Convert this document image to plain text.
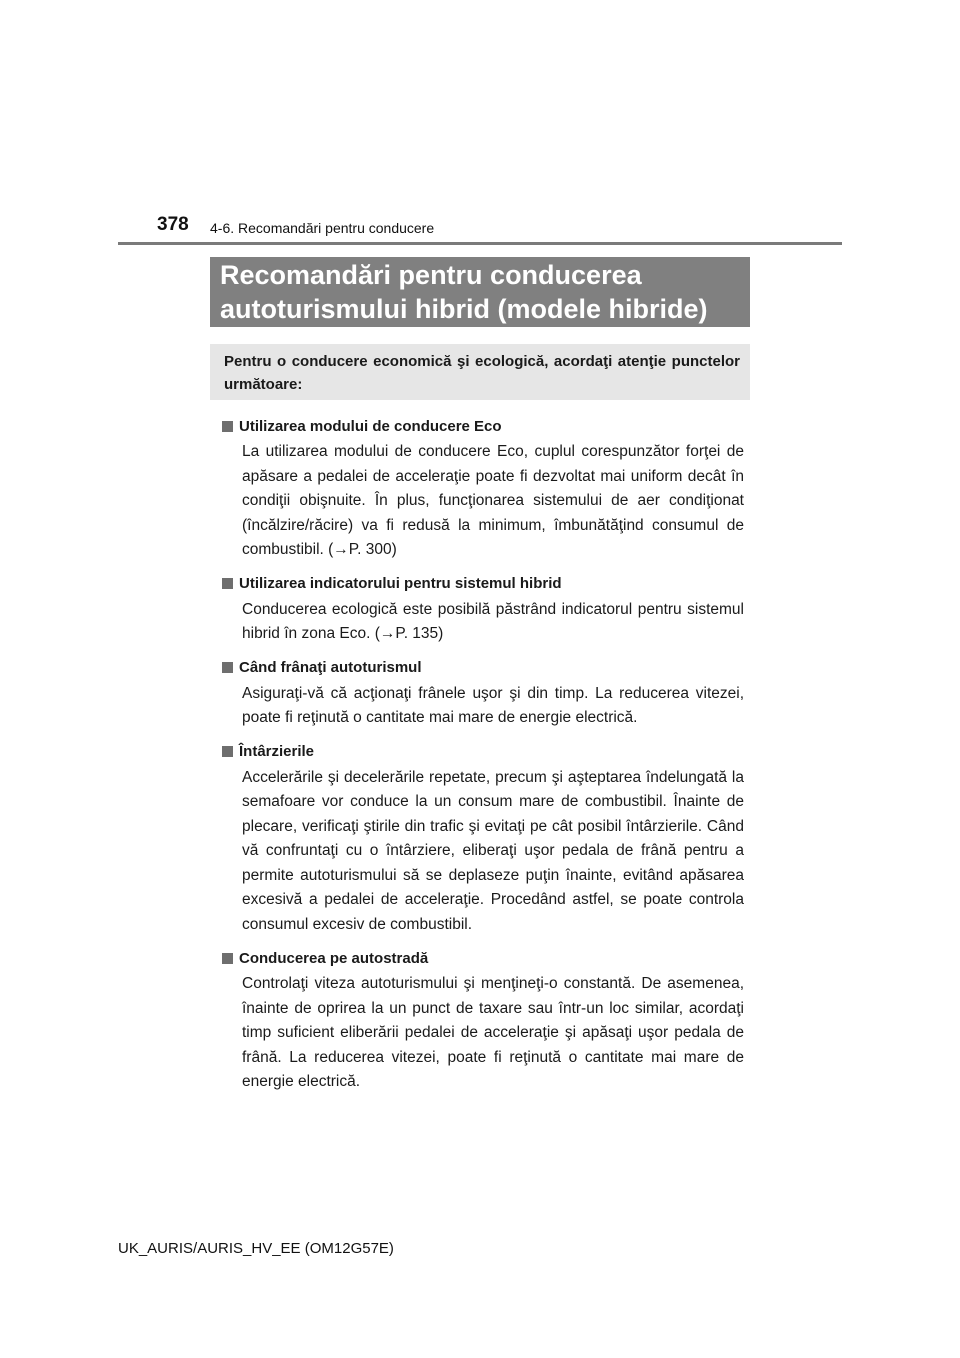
378 4-6. Recomandări pentru conducere
Recomandări pentru conducerea
autoturismului hibrid (modele hibride)

Pentru o conducere economică şi ecologică, acordaţi atenţie punctelor următoare:

Utilizarea modului de conducere Eco

La utilizarea modului de conducere Eco, cuplul corespunzător forţei de apăsare a pedalei de acceleraţie poate fi dezvoltat mai uniform decât în condiţii obişnuite. În plus, funcţionarea sistemului de aer condiţionat (încălzire/răcire) va fi redusă la minimum, îmbunătăţind consumul de combustibil. (→P. 300)

Utilizarea indicatorului pentru sistemul hibrid

Conducerea ecologică este posibilă păstrând indicatorul pentru sistemul hibrid în zona Eco. (→P. 135)

Când frânaţi autoturismul

Asiguraţi-vă că acţionaţi frânele uşor şi din timp. La reducerea vitezei, poate fi reţinută o cantitate mai mare de energie electrică.

Întârzierile

Accelerările şi decelerările repetate, precum şi aşteptarea îndelungată la semafoare vor conduce la un consum mare de combustibil. Înainte de plecare, verificaţi ştirile din trafic şi evitaţi pe cât posibil întârzierile. Când vă confruntaţi cu o întârziere, eliberaţi uşor pedala de frână pentru a permite autoturismului să se deplaseze puţin înainte, evitând apăsarea excesivă a pedalei de acceleraţie. Procedând astfel, se poate controla consumul excesiv de combustibil.

Conducerea pe autostradă

Controlaţi viteza autoturismului şi menţineţi-o constantă. De asemenea, înainte de oprirea la un punct de taxare sau într-un loc similar, acordaţi timp suficient eliberării pedalei de acceleraţie şi apăsaţi uşor pedala de frână. La reducerea vitezei, poate fi reţinută o cantitate mai mare de energie electrică.

UK_AURIS/AURIS_HV_EE (OM12G57E)
